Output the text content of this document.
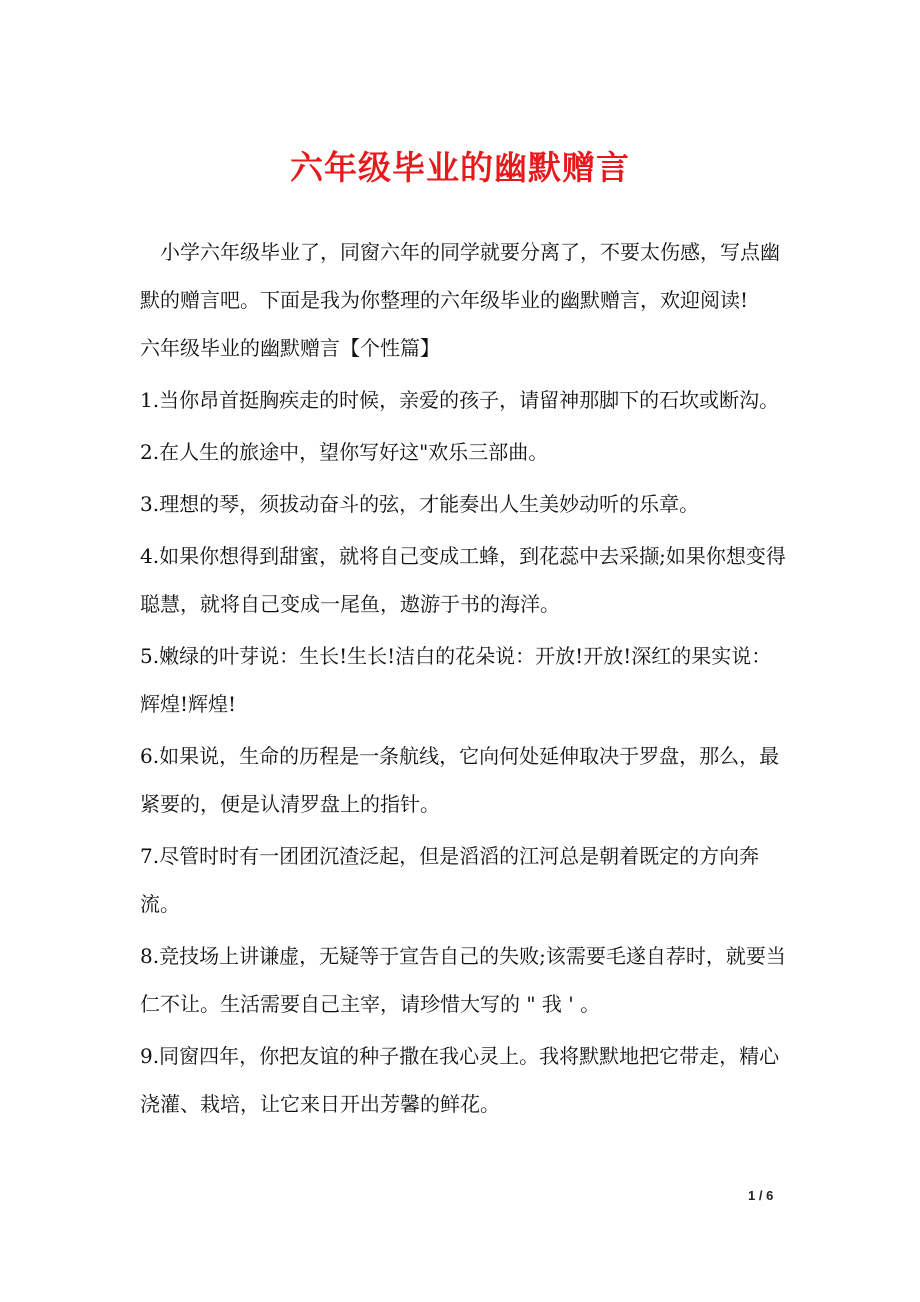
六年级毕业的幽默赠言

小学六年级毕业了，同窗六年的同学就要分离了，不要太伤感，写点幽默的赠言吧。下面是我为你整理的六年级毕业的幽默赠言，欢迎阅读!

六年级毕业的幽默赠言【个性篇】

1.当你昂首挺胸疾走的时候，亲爱的孩子，请留神那脚下的石坎或断沟。
2.在人生的旅途中，望你写好这"欢乐三部曲。
3.理想的琴，须拔动奋斗的弦，才能奏出人生美妙动听的乐章。
4.如果你想得到甜蜜，就将自己变成工蜂，到花蕊中去采撷;如果你想变得聪慧，就将自己变成一尾鱼，遨游于书的海洋。
5.嫩绿的叶芽说：生长!生长!洁白的花朵说：开放!开放!深红的果实说：辉煌!辉煌!
6.如果说，生命的历程是一条航线，它向何处延伸取决于罗盘，那么，最紧要的，便是认清罗盘上的指针。
7.尽管时时有一团团沉渣泛起，但是滔滔的江河总是朝着既定的方向奔流。
8.竞技场上讲谦虚，无疑等于宣告自己的失败;该需要毛遂自荐时，就要当仁不让。生活需要自己主宰，请珍惜大写的 " 我 ' 。
9.同窗四年，你把友谊的种子撒在我心灵上。我将默默地把它带走，精心浇灌、栽培，让它来日开出芳馨的鲜花。
1 / 6
